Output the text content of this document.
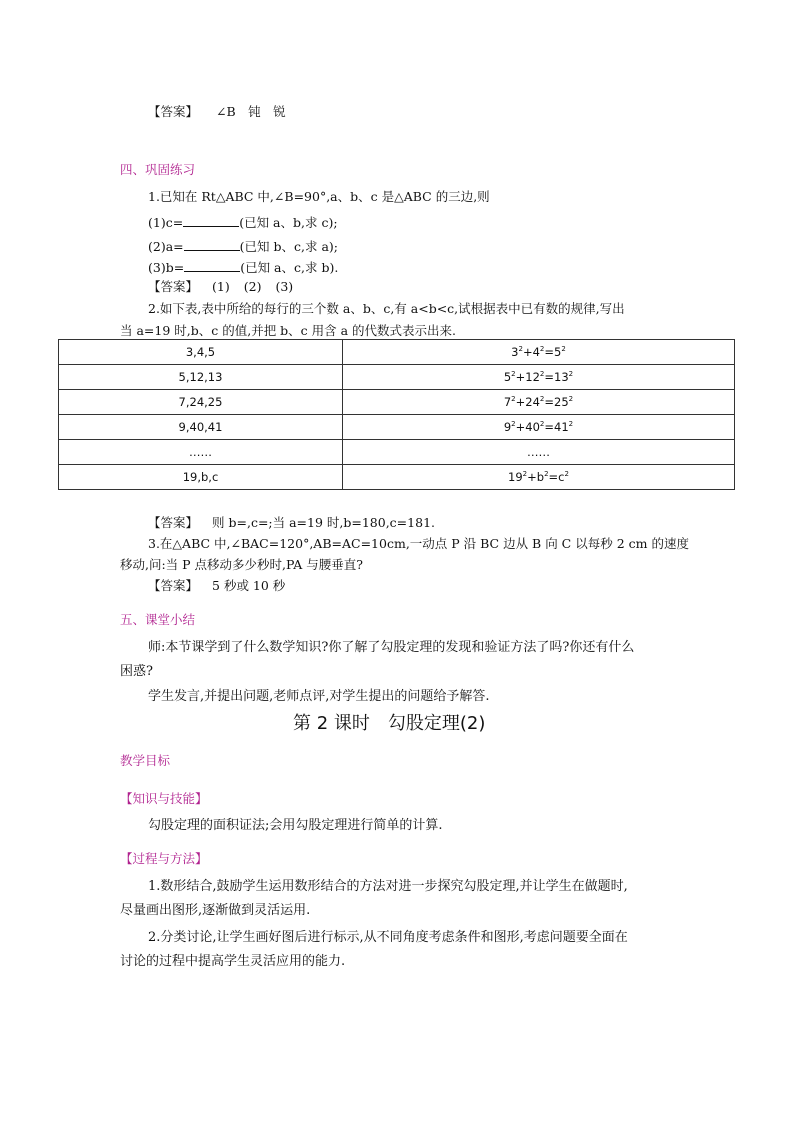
【答案】 ∠B　钝　锐
四、巩固练习
1.已知在 Rt△ABC 中,∠B=90°,a、b、c 是△ABC 的三边,则
(1)c=	(已知 a、b,求 c);
(2)a=	(已知 b、c,求 a);
(3)b=	(已知 a、c,求 b).
【答案】 (1) (2) (3)
2.如下表,表中所给的每行的三个数 a、b、c,有 a<b<c,试根据表中已有数的规律,写出
当 a=19 时,b、c 的值,并把 b、c 用含 a 的代数式表示出来.
3,4,5	$3^2+4^2=5^2$
5,12,13	$5^2+12^2=13^2$
7,24,25	$7^2+24^2=25^2$
9,40,41	$9^2+40^2=41^2$
……	……
19,b,c	$19^2+b^2=c^2$
【答案】 则 b=,c=;当 a=19 时,b=180,c=181.
3.在△ABC 中,∠BAC=120°,AB=AC=10cm,一动点 P 沿 BC 边从 B 向 C 以每秒 2 cm 的速度
移动,问:当 P 点移动多少秒时,PA 与腰垂直?
【答案】 5 秒或 10 秒
五、课堂小结
师:本节课学到了什么数学知识?你了解了勾股定理的发现和验证方法了吗?你还有什么
困惑?
学生发言,并提出问题,老师点评,对学生提出的问题给予解答.
第 2 课时　勾股定理(2)
教学目标
【知识与技能】
勾股定理的面积证法;会用勾股定理进行简单的计算.
【过程与方法】
1.数形结合,鼓励学生运用数形结合的方法对进一步探究勾股定理,并让学生在做题时,
尽量画出图形,逐渐做到灵活运用.
2.分类讨论,让学生画好图后进行标示,从不同角度考虑条件和图形,考虑问题要全面在
讨论的过程中提高学生灵活应用的能力.
